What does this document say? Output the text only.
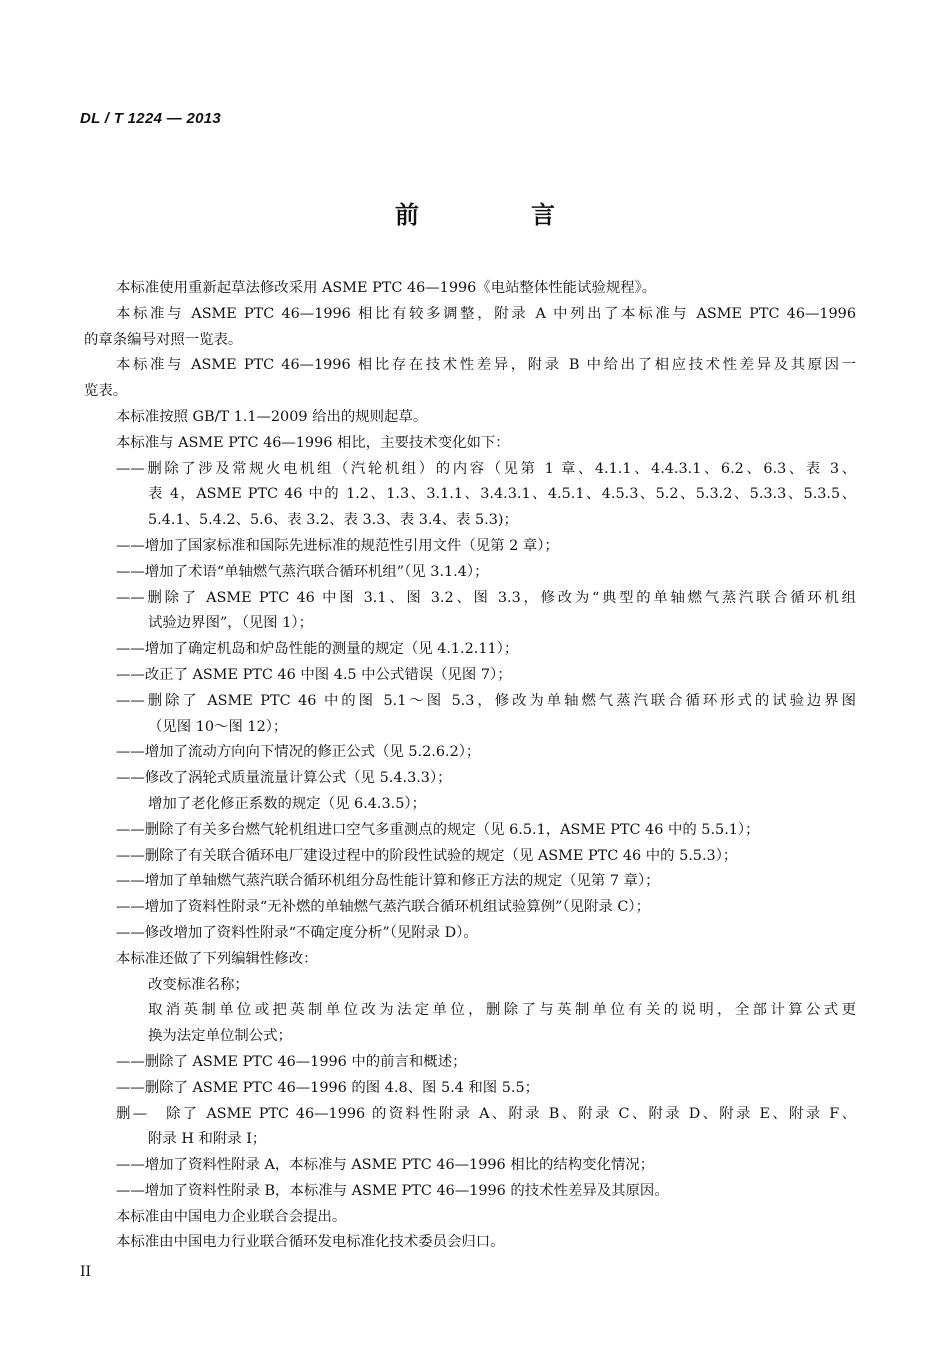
DL / T 1224 — 2013
前　言
本标准使用重新起草法修改采用 ASME PTC 46—1996《电站整体性能试验规程》。
本标准与 ASME PTC 46—1996 相比有较多调整，附录 A 中列出了本标准与 ASME PTC 46—1996
的章条编号对照一览表。
本标准与 ASME PTC 46—1996 相比存在技术性差异，附录 B 中给出了相应技术性差异及其原因一
览表。
本标准按照 GB/T 1.1—2009 给出的规则起草。
本标准与 ASME PTC 46—1996 相比，主要技术变化如下：
——删除了涉及常规火电机组（汽轮机组）的内容（见第 1 章、4.1.1、4.4.3.1、6.2、6.3、表 3、
表 4，ASME PTC 46 中的 1.2、1.3、3.1.1、3.4.3.1、4.5.1、4.5.3、5.2、5.3.2、5.3.3、5.3.5、
5.4.1、5.4.2、5.6、表 3.2、表 3.3、表 3.4、表 5.3)；
——增加了国家标准和国际先进标准的规范性引用文件（见第 2 章）；
——增加了术语“单轴燃气蒸汽联合循环机组”（见 3.1.4）；
——删除了 ASME PTC 46 中图 3.1、图 3.2、图 3.3，修改为“典型的单轴燃气蒸汽联合循环机组
试验边界图”，（见图 1）；
——增加了确定机岛和炉岛性能的测量的规定（见 4.1.2.11）；
——改正了 ASME PTC 46 中图 4.5 中公式错误（见图 7）；
——删除了 ASME PTC 46 中的图 5.1～图 5.3，修改为单轴燃气蒸汽联合循环形式的试验边界图
（见图 10～图 12）；
——增加了流动方向向下情况的修正公式（见 5.2.6.2）；
——修改了涡轮式质量流量计算公式（见 5.4.3.3）；
增加了老化修正系数的规定（见 6.4.3.5）；
——删除了有关多台燃气轮机组进口空气多重测点的规定（见 6.5.1，ASME PTC 46 中的 5.5.1）；
——删除了有关联合循环电厂建设过程中的阶段性试验的规定（见 ASME PTC 46 中的 5.5.3）；
——增加了单轴燃气蒸汽联合循环机组分岛性能计算和修正方法的规定（见第 7 章）；
——增加了资料性附录“无补燃的单轴燃气蒸汽联合循环机组试验算例”（见附录 C）；
——修改增加了资料性附录“不确定度分析”（见附录 D）。
本标准还做了下列编辑性修改：
改变标准名称；
取消英制单位或把英制单位改为法定单位，删除了与英制单位有关的说明，全部计算公式更
换为法定单位制公式；
——删除了 ASME PTC 46—1996 中的前言和概述；
——删除了 ASME PTC 46—1996 的图 4.8、图 5.4 和图 5.5；
删—　除了 ASME PTC 46—1996 的资料性附录 A、附录 B、附录 C、附录 D、附录 E、附录 F、
附录 H 和附录 I；
——增加了资料性附录 A，本标准与 ASME PTC 46—1996 相比的结构变化情况；
——增加了资料性附录 B，本标准与 ASME PTC 46—1996 的技术性差异及其原因。
本标准由中国电力企业联合会提出。
本标准由中国电力行业联合循环发电标准化技术委员会归口。
II
